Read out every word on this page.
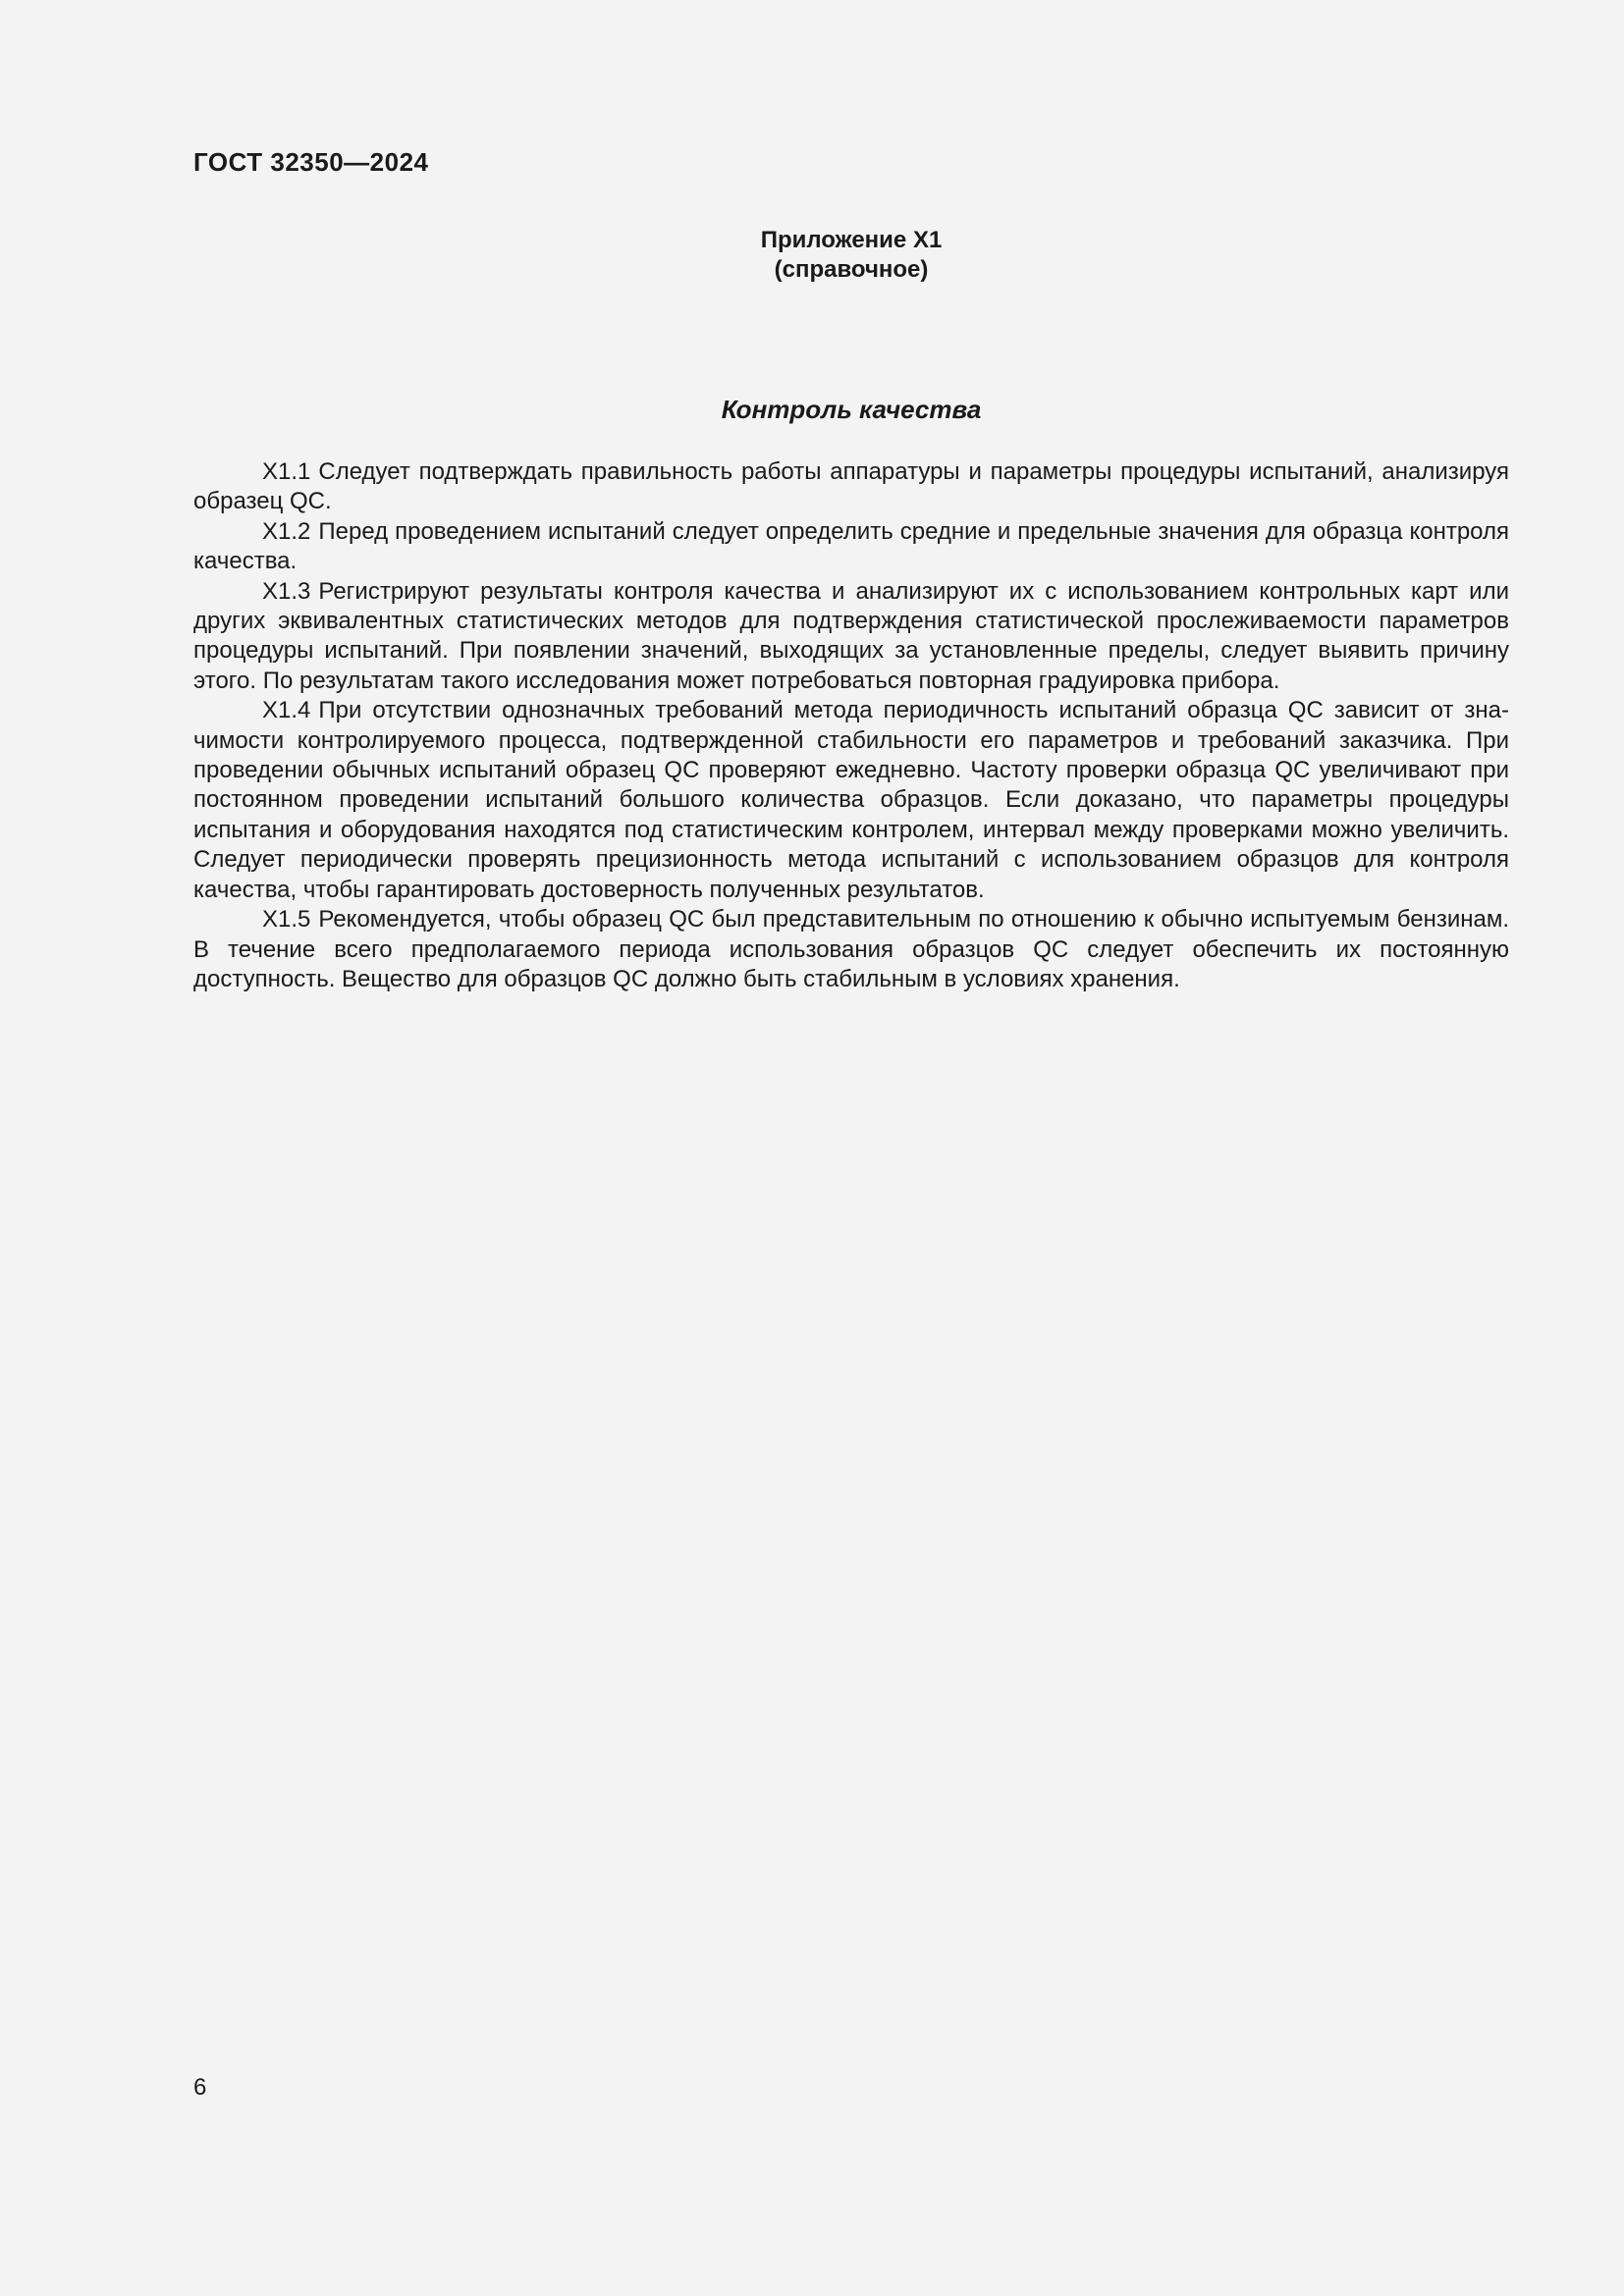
ГОСТ 32350—2024
Приложение Х1
(справочное)
Контроль качества

Х1.1 Следует подтверждать правильность работы аппаратуры и параметры процедуры испытаний, анализируя образец QC.

Х1.2 Перед проведением испытаний следует определить средние и предельные значения для образца контроля качества.

Х1.3 Регистрируют результаты контроля качества и анализируют их с использованием контрольных карт или других эквивалентных статистических методов для подтверждения статистической прослеживаемости параметров процедуры испытаний. При появлении значений, выходящих за установленные пределы, следует выявить причину этого. По результатам такого исследования может потребоваться повторная градуировка прибора.

Х1.4 При отсутствии однозначных требований метода периодичность испытаний образца QC зависит от значимости контролируемого процесса, подтвержденной стабильности его параметров и требований заказчика. При проведении обычных испытаний образец QC проверяют ежедневно. Частоту проверки образца QC увеличивают при постоянном проведении испытаний большого количества образцов. Если доказано, что параметры процедуры испытания и оборудования находятся под статистическим контролем, интервал между проверками можно увеличить. Следует периодически проверять прецизионность метода испытаний с использованием образцов для контроля качества, чтобы гарантировать достоверность полученных результатов.

Х1.5 Рекомендуется, чтобы образец QC был представительным по отношению к обычно испытуемым бензинам. В течение всего предполагаемого периода использования образцов QC следует обеспечить их постоянную доступность. Вещество для образцов QC должно быть стабильным в условиях хранения.

6
